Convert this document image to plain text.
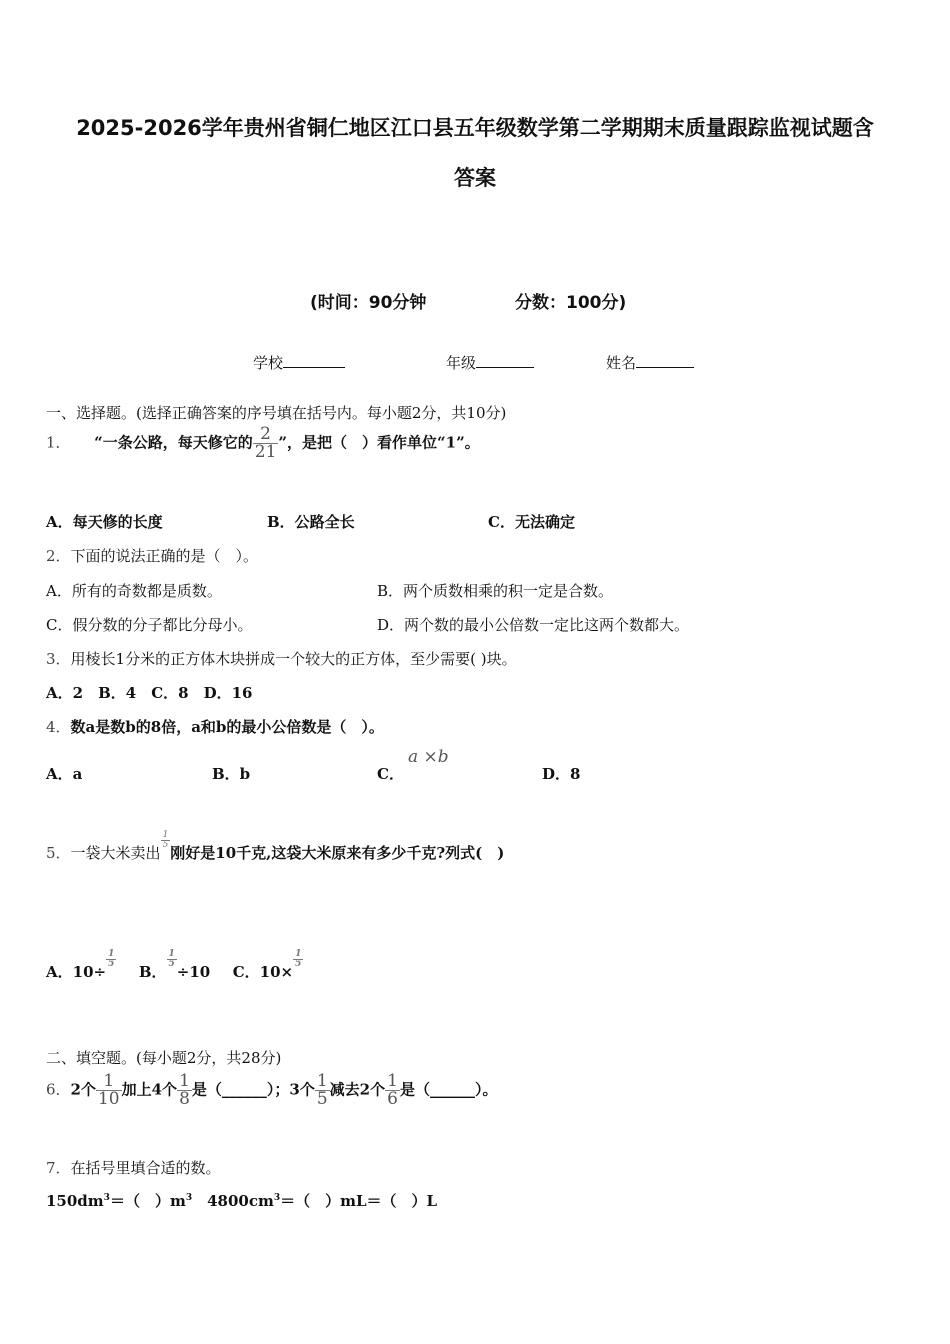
2025-2026学年贵州省铜仁地区江口县五年级数学第二学期期末质量跟踪监视试题含
答案
(时间：90分钟	分数：100分)
学校	年级	姓名
一、选择题。(选择正确答案的序号填在括号内。每小题2分，共10分)
1． “一条公路，每天修它的 $\frac{2}{21}$ ”，是把（　）看作单位“1”。
A．每天修的长度	B．公路全长	C．无法确定
2．下面的说法正确的是（　）。
A．所有的奇数都是质数。	B．两个质数相乘的积一定是合数。
C．假分数的分子都比分母小。	D．两个数的最小公倍数一定比这两个数都大。
3．用棱长1分米的正方体木块拼成一个较大的正方体，至少需要( )块。
A．2　B．4　C．8　D．16
4．数a是数b的8倍，a和b的最小公倍数是（　）。
A．a	B．b	C．
a ×b
D．8
5．一袋大米卖出
$\frac{1}{5}$
刚好是10千克,这袋大米原来有多少千克?列式(　)
A．10÷
$\frac{1}{5}$
B．
$\frac{1}{5}$
÷10 C．10×
$\frac{1}{5}$
二、填空题。(每小题2分，共28分)
6．2个 $\frac{1}{10}$ 加上4个 $\frac{1}{8}$ 是（______）；3个 $\frac{1}{5}$ 减去2个 $\frac{1}{6}$ 是（______）。
7．在括号里填合适的数。
$150dm^3=$（　）$m^3$　$4800cm^3=$（　）mL＝（　）L
